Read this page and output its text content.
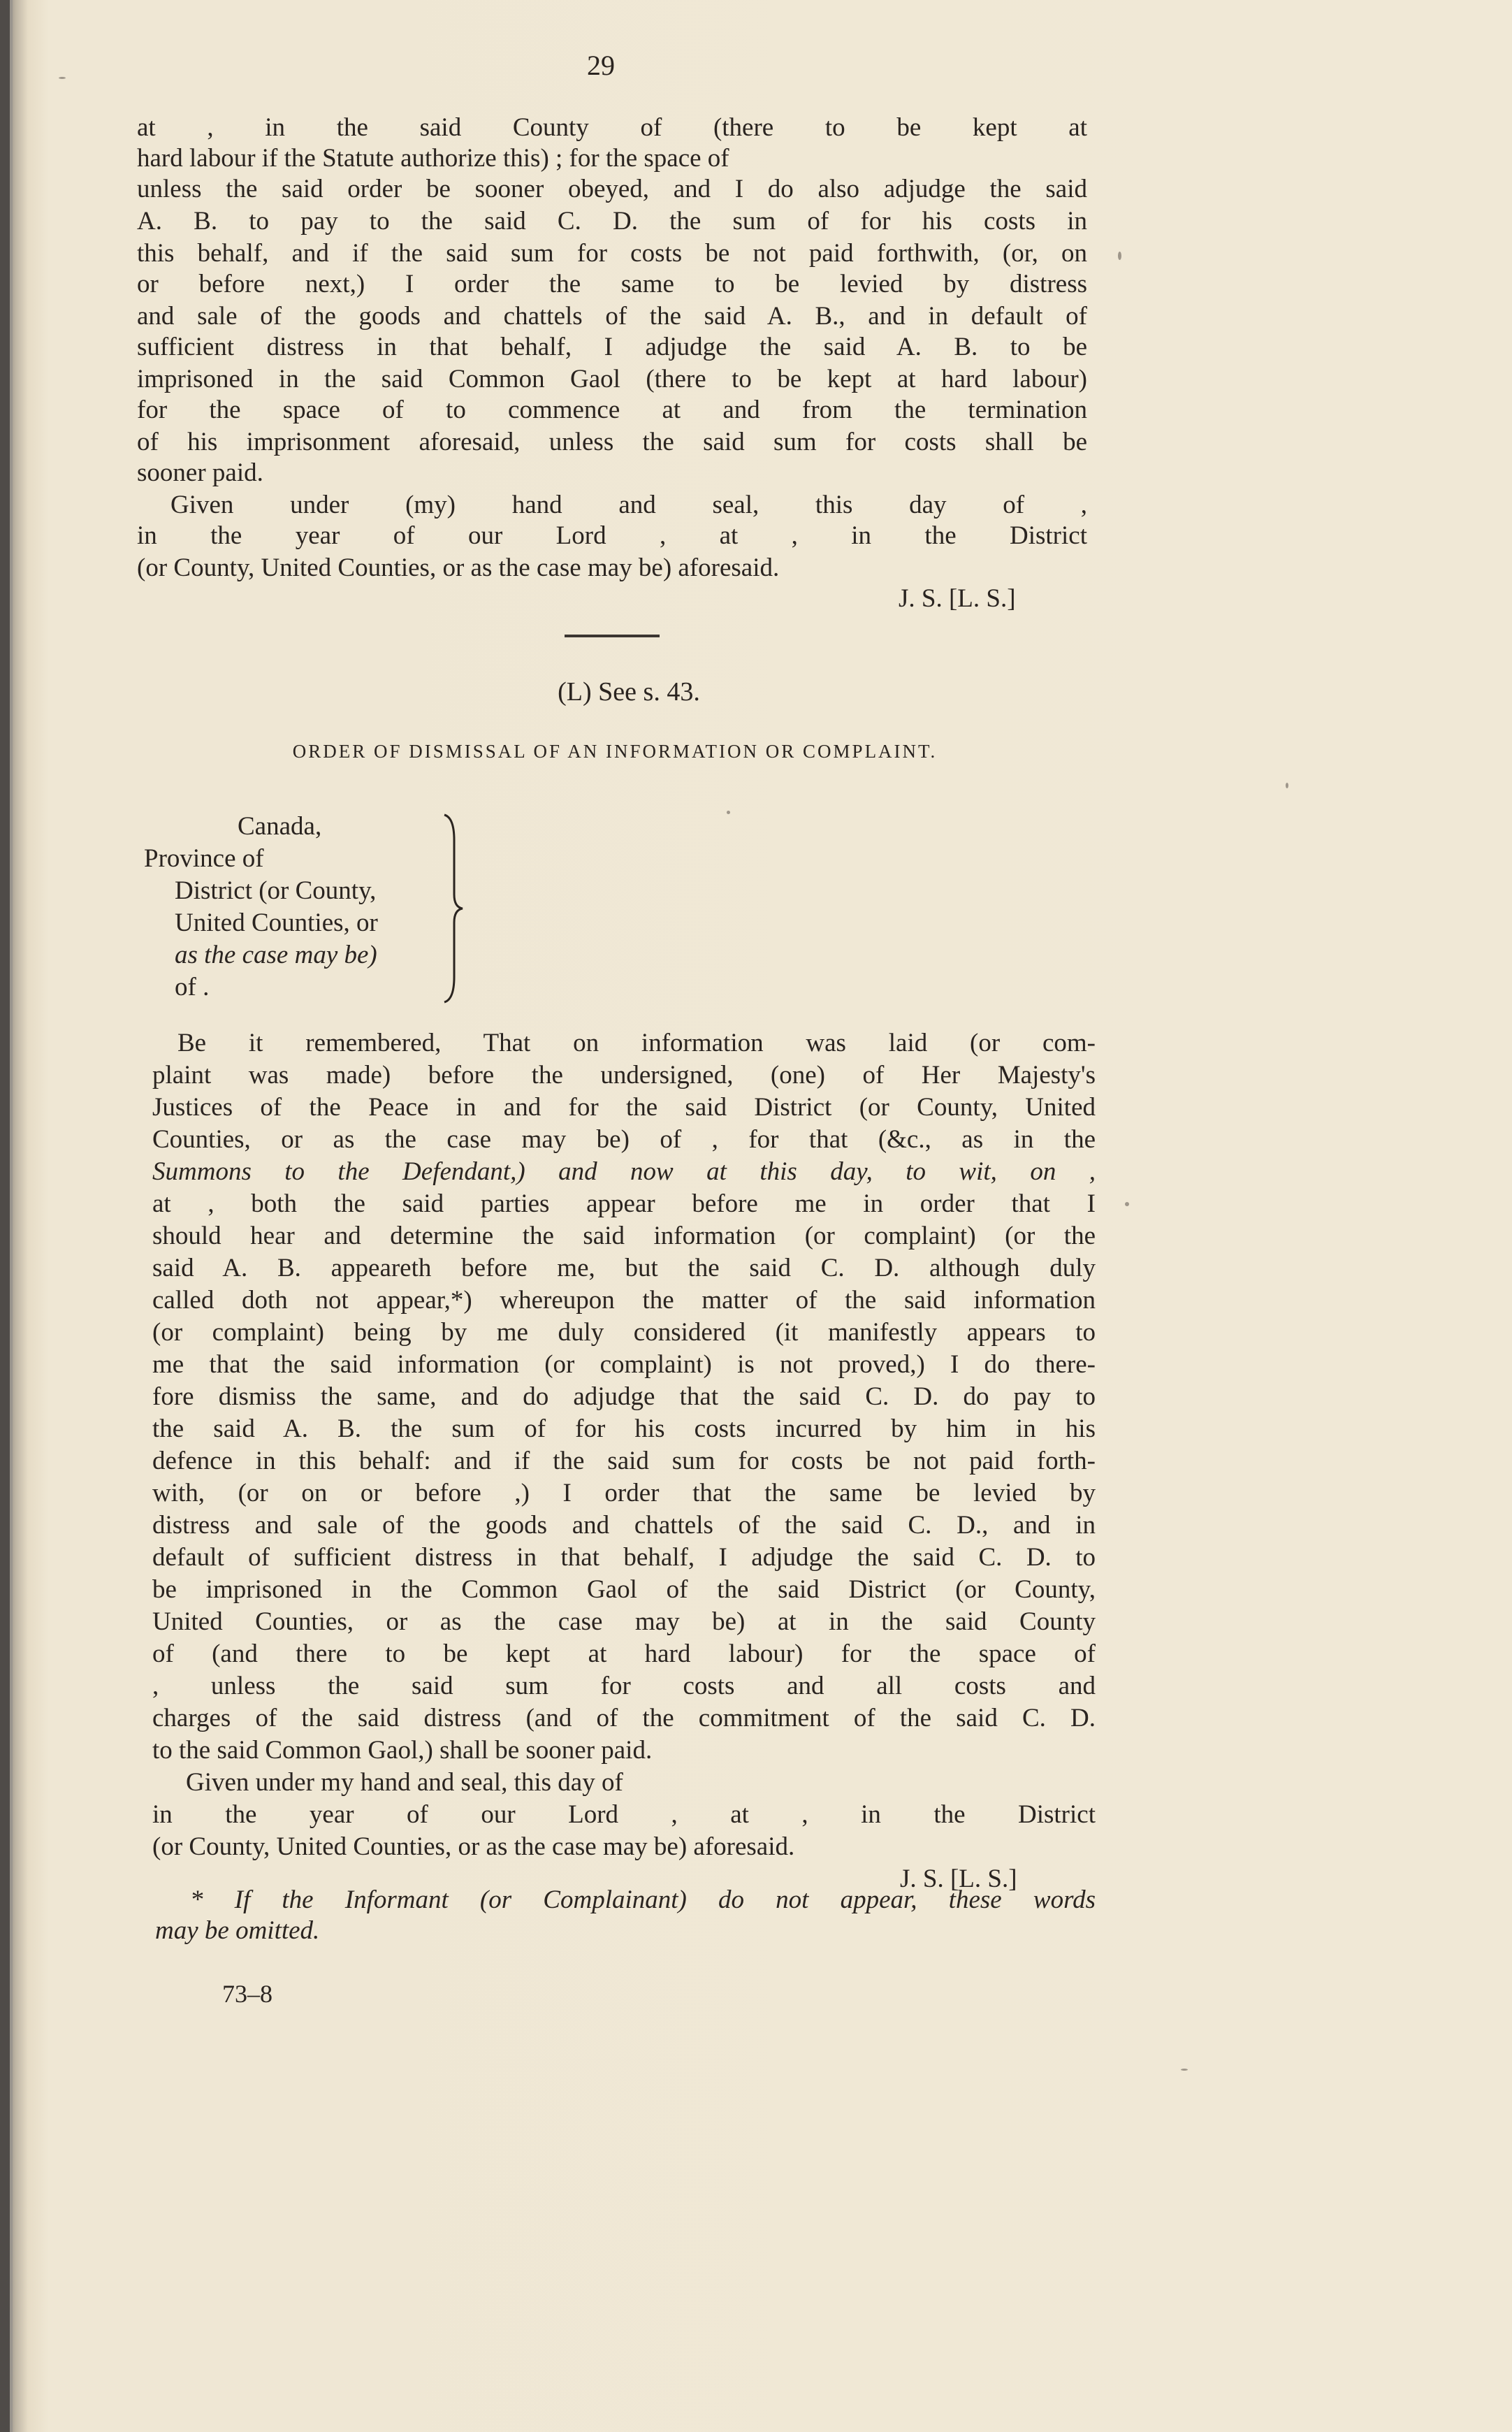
29
at , in the said County of (there to be kept at
hard labour if the Statute authorize this) ; for the space of
unless the said order be sooner obeyed, and I do also adjudge the said
A. B. to pay to the said C. D. the sum of for his costs in
this behalf, and if the said sum for costs be not paid forthwith, (or, on
or before next,) I order the same to be levied by distress
and sale of the goods and chattels of the said A. B., and in default of
sufficient distress in that behalf, I adjudge the said A. B. to be
imprisoned in the said Common Gaol (there to be kept at hard labour)
for the space of to commence at and from the termination
of his imprisonment aforesaid, unless the said sum for costs shall be
sooner paid.
Given under (my) hand and seal, this day of ,
in the year of our Lord , at , in the District
(or County, United Counties, or as the case may be) aforesaid.
J. S. [L. S.]
(L) See s. 43.
ORDER OF DISMISSAL OF AN INFORMATION OR COMPLAINT.
Canada,
Province of
District (or County,
United Counties, or
as the case may be)
of .
Be it remembered, That on information was laid (or com-
plaint was made) before the undersigned, (one) of Her Majesty's
Justices of the Peace in and for the said District (or County, United
Counties, or as the case may be) of , for that (&c., as in the
Summons to the Defendant,) and now at this day, to wit, on ,
at , both the said parties appear before me in order that I
should hear and determine the said information (or complaint) (or the
said A. B. appeareth before me, but the said C. D. although duly
called doth not appear,*) whereupon the matter of the said information
(or complaint) being by me duly considered (it manifestly appears to
me that the said information (or complaint) is not proved,) I do there-
fore dismiss the same, and do adjudge that the said C. D. do pay to
the said A. B. the sum of for his costs incurred by him in his
defence in this behalf: and if the said sum for costs be not paid forth-
with, (or on or before ,) I order that the same be levied by
distress and sale of the goods and chattels of the said C. D., and in
default of sufficient distress in that behalf, I adjudge the said C. D. to
be imprisoned in the Common Gaol of the said District (or County,
United Counties, or as the case may be) at in the said County
of (and there to be kept at hard labour) for the space of
, unless the said sum for costs and all costs and
charges of the said distress (and of the commitment of the said C. D.
to the said Common Gaol,) shall be sooner paid.
Given under my hand and seal, this day of
in the year of our Lord , at , in the District
(or County, United Counties, or as the case may be) aforesaid.
J. S. [L. S.]
* If the Informant (or Complainant) do not appear, these words
may be omitted.
73–8
